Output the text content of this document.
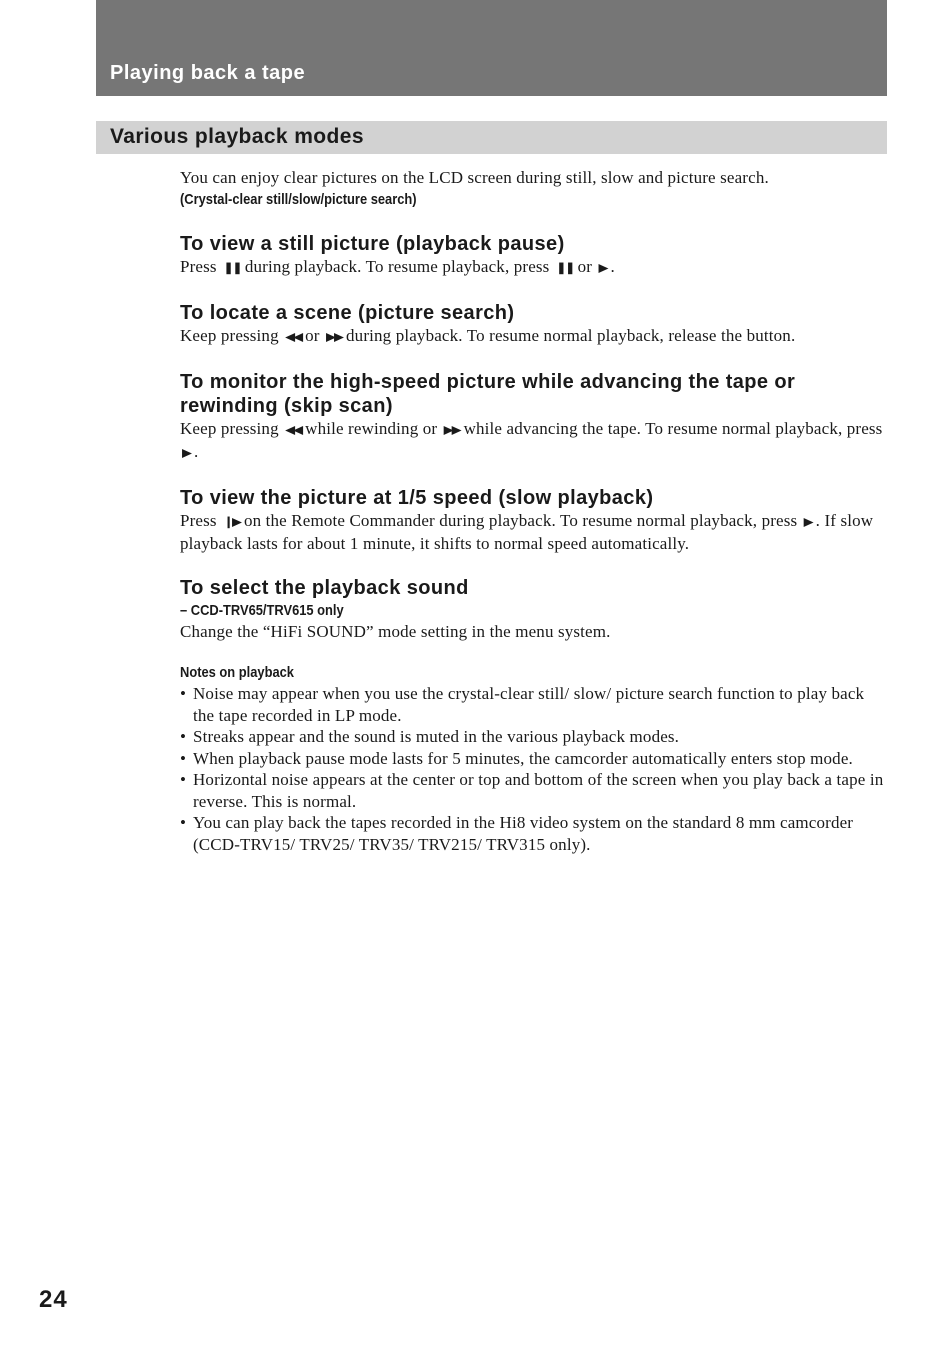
Playing back a tape
Various playback modes

You can enjoy clear pictures on the LCD screen during still, slow and picture search.

(Crystal-clear still/slow/picture search)

To view a still picture (playback pause)

Press ❚❚ during playback. To resume playback, press ❚❚ or ▶ .

To locate a scene (picture search)

Keep pressing ◀◀ or ▶▶ during playback. To resume normal playback, release the button.

To monitor the high-speed picture while advancing the tape or rewinding (skip scan)

Keep pressing ◀◀ while rewinding or ▶▶ while advancing the tape. To resume normal playback, press ▶ .

To view the picture at 1/5 speed (slow playback)

Press ❙▶ on the Remote Commander during playback. To resume normal playback, press ▶ . If slow playback lasts for about 1 minute, it shifts to normal speed automatically.

To select the playback sound

– CCD-TRV65/TRV615 only

Change the “HiFi SOUND” mode setting in the menu system.

Notes on playback

• Noise may appear when you use the crystal-clear still/ slow/ picture search function to play back the tape recorded in LP mode.
• Streaks appear and the sound is muted in the various playback modes.
• When playback pause mode lasts for 5 minutes, the camcorder automatically enters stop mode.
• Horizontal noise appears at the center or top and bottom of the screen when you play back a tape in reverse. This is normal.
• You can play back the tapes recorded in the Hi8 video system on the standard 8 mm camcorder (CCD-TRV15/ TRV25/ TRV35/ TRV215/ TRV315 only).

24
